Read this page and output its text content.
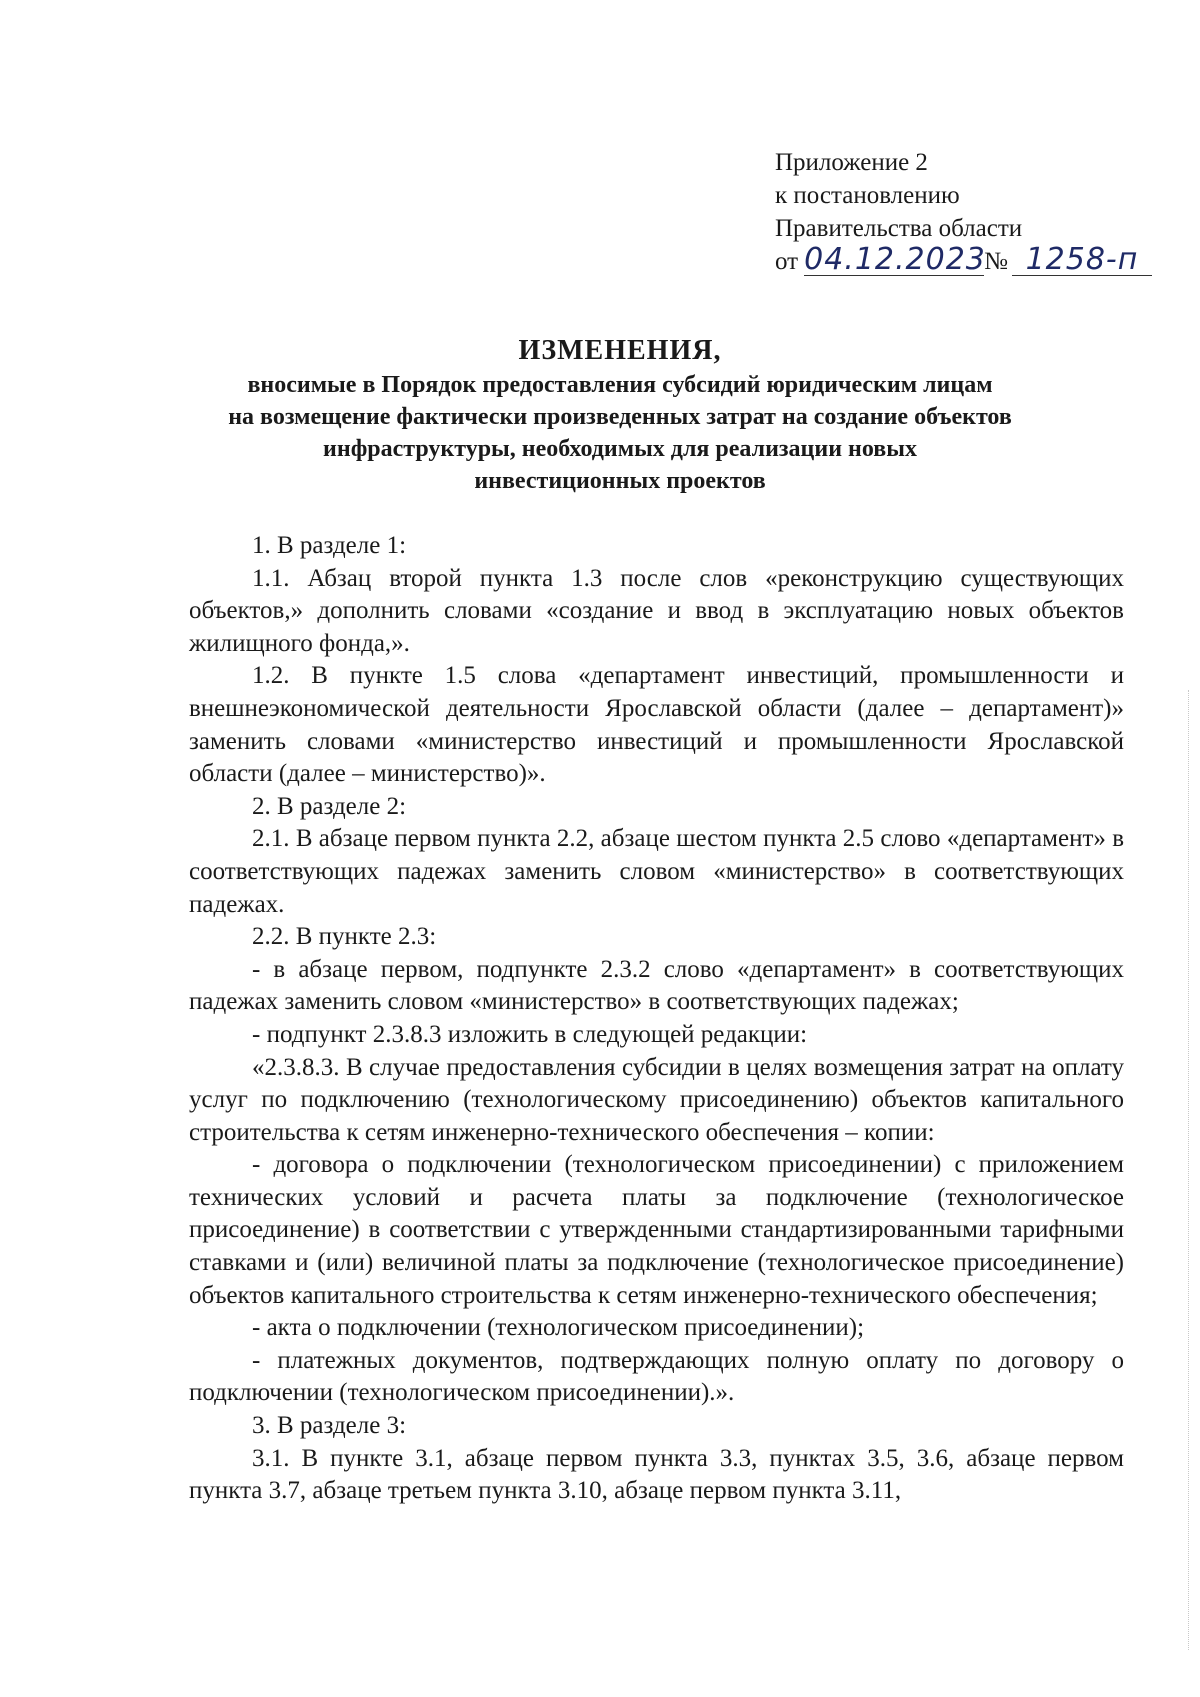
Приложение 2
к постановлению
Правительства области
от 04.12.2023№ 1258-п
ИЗМЕНЕНИЯ,
вносимые в Порядок предоставления субсидий юридическим лицам
на возмещение фактически произведенных затрат на создание объектов
инфраструктуры, необходимых для реализации новых
инвестиционных проектов

1. В разделе 1:

1.1. Абзац второй пункта 1.3 после слов «реконструкцию существующих объектов,» дополнить словами «создание и ввод в эксплуатацию новых объектов жилищного фонда,».

1.2. В пункте 1.5 слова «департамент инвестиций, промышленности и внешнеэкономической деятельности Ярославской области (далее – департамент)» заменить словами «министерство инвестиций и промышленности Ярославской области (далее – министерство)».

2. В разделе 2:

2.1. В абзаце первом пункта 2.2, абзаце шестом пункта 2.5 слово «департамент» в соответствующих падежах заменить словом «министерство» в соответствующих падежах.

2.2. В пункте 2.3:

- в абзаце первом, подпункте 2.3.2 слово «департамент» в соответствующих падежах заменить словом «министерство» в соответствующих падежах;

- подпункт 2.3.8.3 изложить в следующей редакции:

«2.3.8.3. В случае предоставления субсидии в целях возмещения затрат на оплату услуг по подключению (технологическому присоединению) объектов капитального строительства к сетям инженерно-технического обеспечения – копии:

- договора о подключении (технологическом присоединении) с приложением технических условий и расчета платы за подключение (технологическое присоединение) в соответствии с утвержденными стандартизированными тарифными ставками и (или) величиной платы за подключение (технологическое присоединение) объектов капитального строительства к сетям инженерно-технического обеспечения;

- акта о подключении (технологическом присоединении);

- платежных документов, подтверждающих полную оплату по договору о подключении (технологическом присоединении).».

3. В разделе 3:

3.1. В пункте 3.1, абзаце первом пункта 3.3, пунктах 3.5, 3.6, абзаце первом пункта 3.7, абзаце третьем пункта 3.10, абзаце первом пункта 3.11,
